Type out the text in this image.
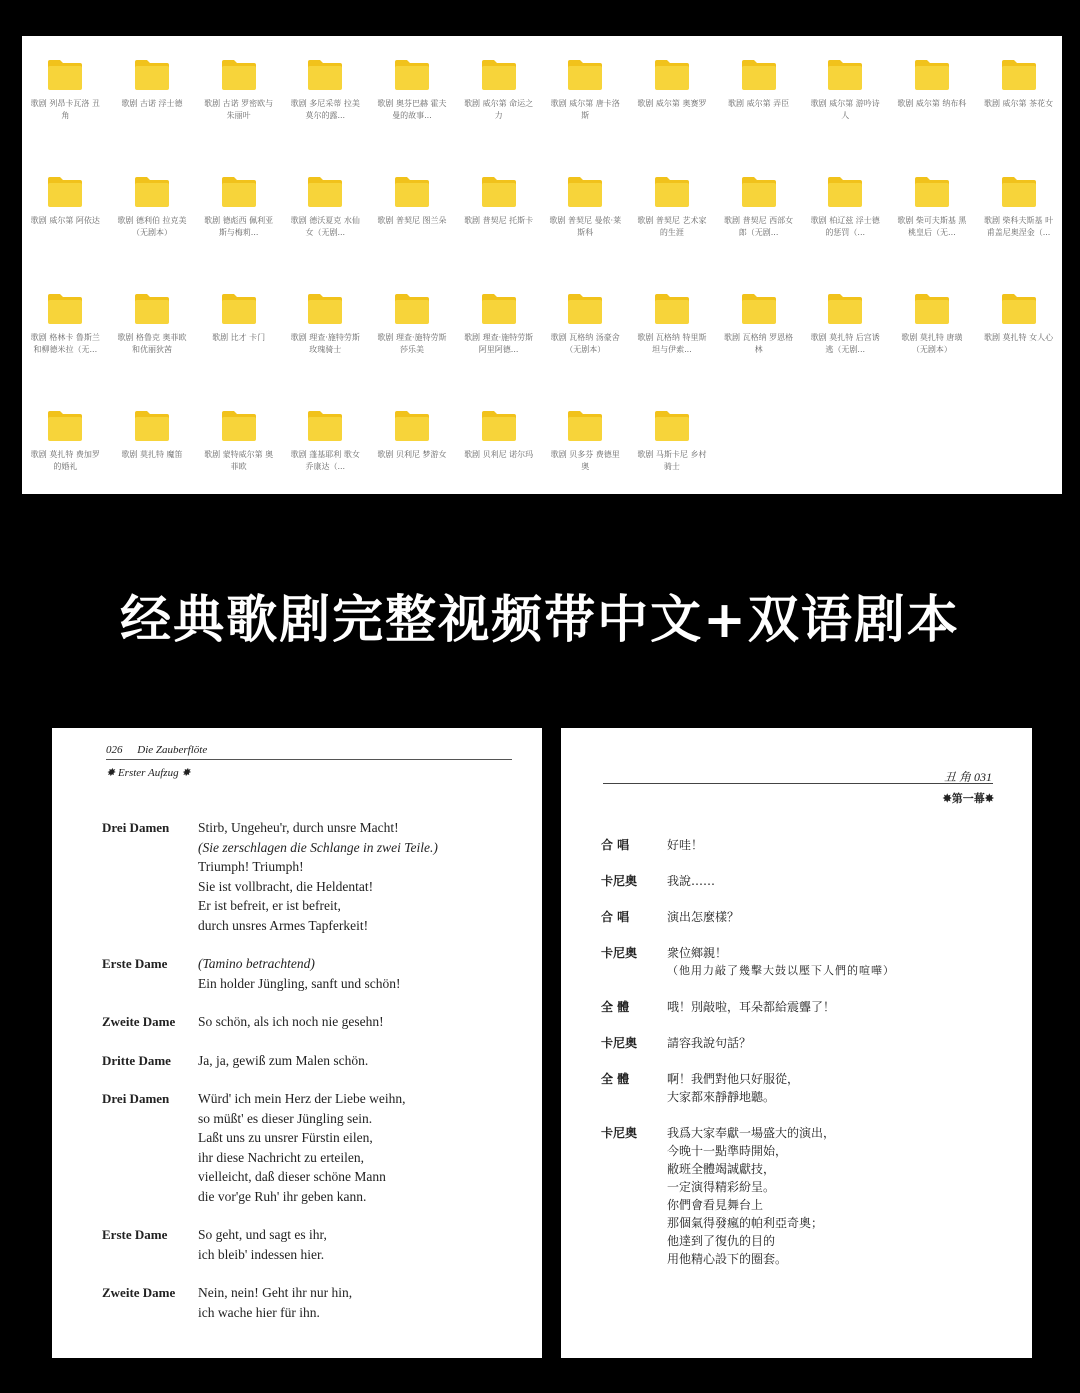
歌剧 列昂卡瓦洛 丑角
歌剧 古诺 浮士德	歌剧 古诺 罗密欧与朱丽叶
歌剧 多尼采蒂 拉美莫尔的露...
歌剧 奥芬巴赫 霍夫曼的故事...
歌剧 威尔第 命运之力
歌剧 威尔第 唐卡洛斯
歌剧 威尔第 奥赛罗	歌剧 威尔第 弄臣	歌剧 威尔第 游吟诗人
歌剧 威尔第 纳布科 歌剧 威尔第 茶花女
歌剧 威尔第 阿依达 歌剧 德利伯 拉克美（无剧本）
歌剧 德彪西 佩利亚斯与梅莉...
歌剧 德沃夏克 水仙女（无剧...
歌剧 普契尼 图兰朵 歌剧 普契尼 托斯卡 歌剧 普契尼 曼侬·莱斯科
歌剧 普契尼 艺术家的生涯
歌剧 普契尼 西部女郎（无剧...
歌剧 柏辽兹 浮士德的惩罚（...
歌剧 柴可夫斯基 黑桃皇后（无...
歌剧 柴科夫斯基 叶甫盖尼奥涅金（...
歌剧 格林卡 鲁斯兰和柳德米拉（无...
歌剧 格鲁克 奥菲欧和优丽狄茜
歌剧 比才 卡门	歌剧 理查·施特劳斯 玫瑰骑士
歌剧 理查·施特劳斯 莎乐美
歌剧 理查·施特劳斯 阿里阿德...
歌剧 瓦格纳 汤豪舍（无剧本）
歌剧 瓦格纳 特里斯坦与伊索...
歌剧 瓦格纳 罗恩格林
歌剧 莫扎特 后宫诱逃（无剧...
歌剧 莫扎特 唐璜（无剧本）
歌剧 莫扎特 女人心
歌剧 莫扎特 费加罗的婚礼
歌剧 莫扎特 魔笛	歌剧 蒙特威尔第 奥菲欧
歌剧 蓬基耶利 歌女乔康达（...
歌剧 贝利尼 梦游女 歌剧 贝利尼 诺尔玛 歌剧 贝多芬 费德里奥
歌剧 马斯卡尼 乡村骑士
经典歌剧完整视频带中文+双语剧本
026 Die Zauberflöte
✸ Erster Aufzug ✸
Drei Damen	Stirb, Ungeheu'r, durch unsre Macht!
(Sie zerschlagen die Schlange in zwei Teile.)
Triumph! Triumph!
Sie ist vollbracht, die Heldentat!
Er ist befreit, er ist befreit,
durch unsres Armes Tapferkeit!
Erste Dame	(Tamino betrachtend)
Ein holder Jüngling, sanft und schön!
Zweite Dame	So schön, als ich noch nie gesehn!
Dritte Dame	Ja, ja, gewiß zum Malen schön.
Drei Damen	Würd' ich mein Herz der Liebe weihn,
so müßt' es dieser Jüngling sein.
Laßt uns zu unsrer Fürstin eilen,
ihr diese Nachricht zu erteilen,
vielleicht, daß dieser schöne Mann
die vor'ge Ruh' ihr geben kann.
Erste Dame	So geht, und sagt es ihr,
ich bleib' indessen hier.
Zweite Dame	Nein, nein! Geht ihr nur hin,
ich wache hier für ihn.
丑 角 031
✸第一幕✸
合 唱	好哇！
卡尼奥	我說……
合 唱	演出怎麼樣？
卡尼奥	衆位鄉親！
（他用力敲了幾擊大鼓以壓下人們的喧嘩）
全 體	哦！別敲啦，耳朵都給震聾了！
卡尼奥	請容我說句話？
全 體	啊！我們對他只好服從，
大家都來靜靜地聽。
卡尼奥	我爲大家奉獻一場盛大的演出，
今晚十一點準時開始，
敝班全體竭誠獻技，
一定演得精彩紛呈。
你們會看見舞台上
那個氣得發瘋的帕利亞奇奧；
他達到了復仇的目的
用他精心設下的圈套。
